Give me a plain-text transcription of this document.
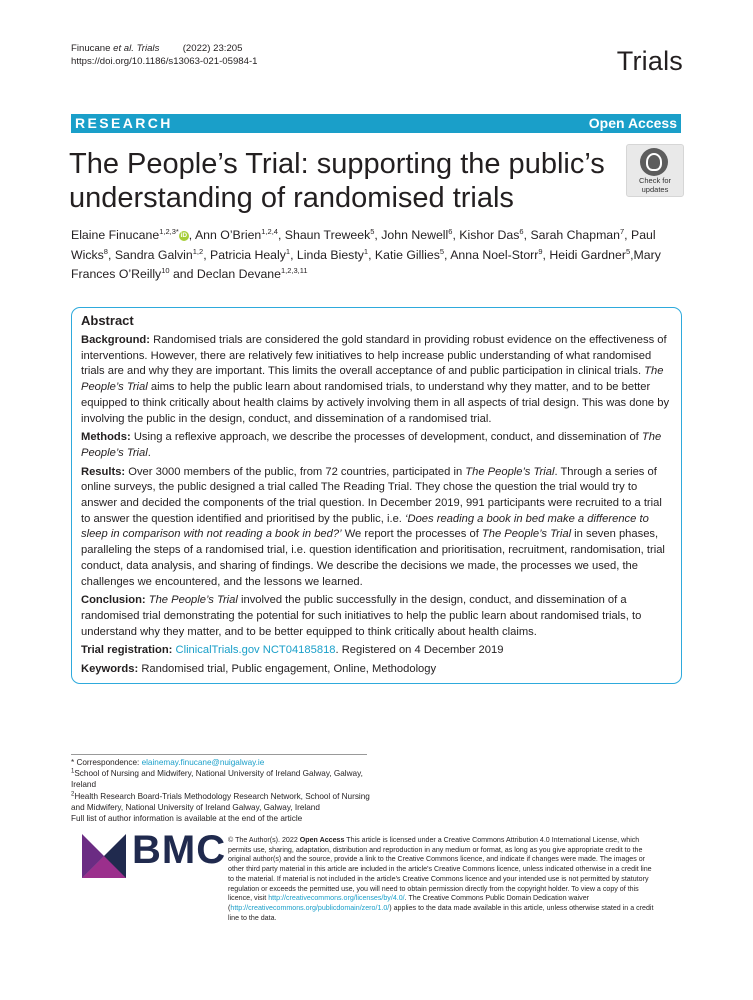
Finucane et al. Trials (2022) 23:205
https://doi.org/10.1186/s13063-021-05984-1	Trials
RESEARCH	Open Access
The People’s Trial: supporting the public’s understanding of randomised trials
Check for
updates
Elaine Finucane$^{1,2,3*}$ iD , Ann O’Brien$^{1,2,4}$, Shaun Treweek$^5$, John Newell$^6$, Kishor Das$^6$, Sarah Chapman$^7$, Paul Wicks$^8$, Sandra Galvin$^{1,2}$, Patricia Healy$^1$, Linda Biesty$^1$, Katie Gillies$^5$, Anna Noel-Storr$^9$, Heidi Gardner$^5$,Mary Frances O’Reilly$^{10}$ and Declan Devane$^{1,2,3,11}$
Abstract

Background: Randomised trials are considered the gold standard in providing robust evidence on the effectiveness of interventions. However, there are relatively few initiatives to help increase public understanding of what randomised trials are and why they are important. This limits the overall acceptance of and public participation in clinical trials. The People’s Trial aims to help the public learn about randomised trials, to understand why they matter, and to be better equipped to think critically about health claims by actively involving them in all aspects of trial design. This was done by involving the public in the design, conduct, and dissemination of a randomised trial.

Methods: Using a reflexive approach, we describe the processes of development, conduct, and dissemination of The People’s Trial.

Results: Over 3000 members of the public, from 72 countries, participated in The People’s Trial. Through a series of online surveys, the public designed a trial called The Reading Trial. They chose the question the trial would try to answer and decided the components of the trial question. In December 2019, 991 participants were recruited to a trial to answer the question identified and prioritised by the public, i.e. ‘Does reading a book in bed make a difference to sleep in comparison with not reading a book in bed?’ We report the processes of The People’s Trial in seven phases, paralleling the steps of a randomised trial, i.e. question identification and prioritisation, recruitment, randomisation, trial conduct, data analysis, and sharing of findings. We describe the decisions we made, the processes we used, the challenges we encountered, and the lessons we learned.

Conclusion: The People’s Trial involved the public successfully in the design, conduct, and dissemination of a randomised trial demonstrating the potential for such initiatives to help the public learn about randomised trials, to understand why they matter, and to be better equipped to think critically about health claims.

Trial registration: ClinicalTrials.gov NCT04185818. Registered on 4 December 2019

Keywords: Randomised trial, Public engagement, Online, Methodology

* Correspondence: elainemay.finucane@nuigalway.ie
$^1$School of Nursing and Midwifery, National University of Ireland Galway, Galway, Ireland
$^2$Health Research Board-Trials Methodology Research Network, School of Nursing and Midwifery, National University of Ireland Galway, Galway, Ireland
Full list of author information is available at the end of the article
BMC © The Author(s). 2022 Open Access This article is licensed under a Creative Commons Attribution 4.0 International License, which permits use, sharing, adaptation, distribution and reproduction in any medium or format, as long as you give appropriate credit to the original author(s) and the source, provide a link to the Creative Commons licence, and indicate if changes were made. The images or other third party material in this article are included in the article's Creative Commons licence, unless indicated otherwise in a credit line to the material. If material is not included in the article's Creative Commons licence and your intended use is not permitted by statutory regulation or exceeds the permitted use, you will need to obtain permission directly from the copyright holder. To view a copy of this licence, visit http://creativecommons.org/licenses/by/4.0/. The Creative Commons Public Domain Dedication waiver (http://creativecommons.org/publicdomain/zero/1.0/) applies to the data made available in this article, unless otherwise stated in a credit line to the data.
